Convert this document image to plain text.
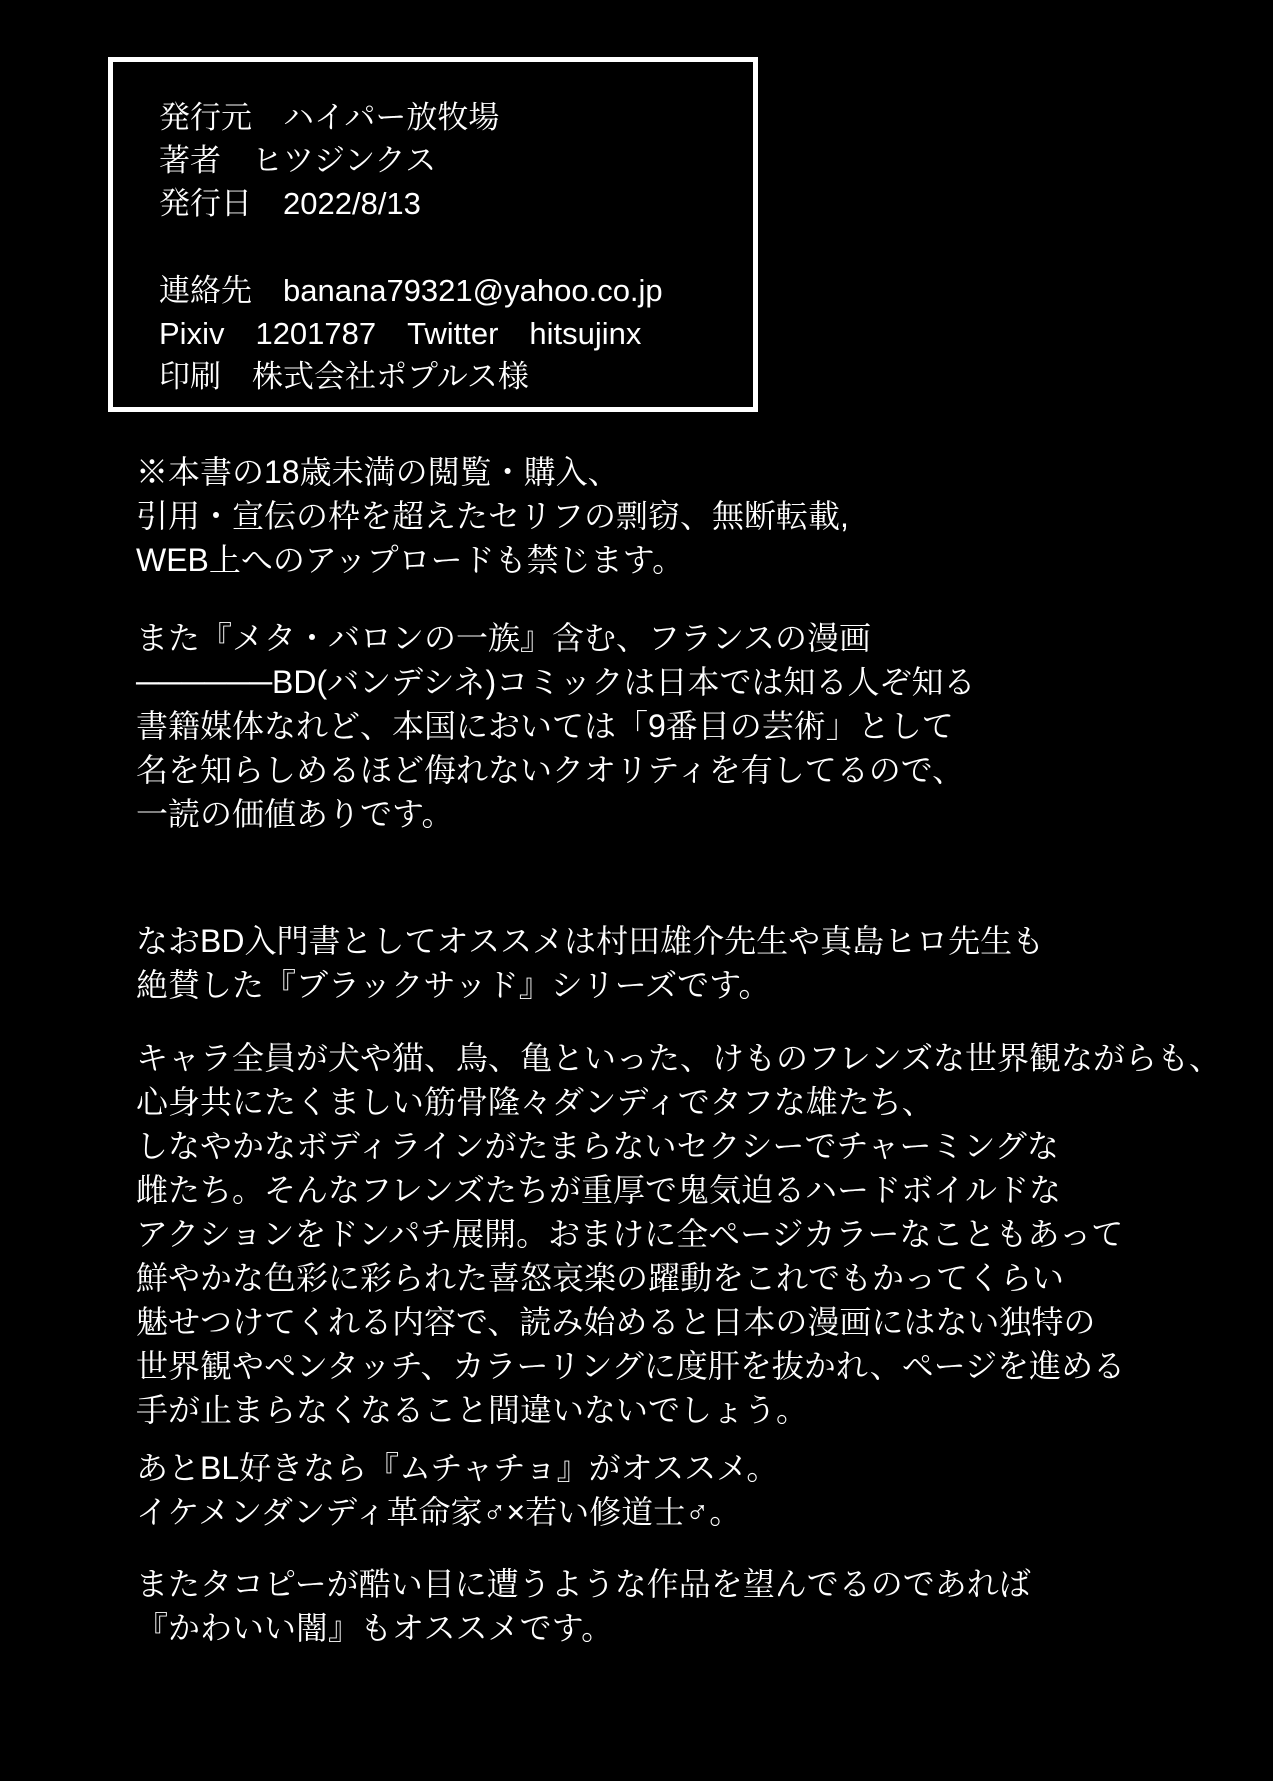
発行元　ハイパー放牧場
著者　ヒツジンクス
発行日　2022/8/13
連絡先　banana79321@yahoo.co.jp
Pixiv　1201787　Twitter　hitsujinx
印刷　株式会社ポプルス様
※本書の18歳未満の閲覧・購入、
引用・宣伝の枠を超えたセリフの剽窃、無断転載,
WEB上へのアップロードも禁じます。
また『メタ・バロンの一族』含む、フランスの漫画
──────BD(バンデシネ)コミックは日本では知る人ぞ知る
書籍媒体なれど、本国においては「9番目の芸術」として
名を知らしめるほど侮れないクオリティを有してるので、
一読の価値ありです。
なおBD入門書としてオススメは村田雄介先生や真島ヒロ先生も
絶賛した『ブラックサッド』シリーズです。
キャラ全員が犬や猫、鳥、亀といった、けものフレンズな世界観ながらも、
心身共にたくましい筋骨隆々ダンディでタフな雄たち、
しなやかなボディラインがたまらないセクシーでチャーミングな
雌たち。そんなフレンズたちが重厚で鬼気迫るハードボイルドな
アクションをドンパチ展開。おまけに全ページカラーなこともあって
鮮やかな色彩に彩られた喜怒哀楽の躍動をこれでもかってくらい
魅せつけてくれる内容で、読み始めると日本の漫画にはない独特の
世界観やペンタッチ、カラーリングに度肝を抜かれ、ページを進める
手が止まらなくなること間違いないでしょう。
あとBL好きなら『ムチャチョ』がオススメ。
イケメンダンディ革命家♂×若い修道士♂。
またタコピーが酷い目に遭うような作品を望んでるのであれば
『かわいい闇』もオススメです。
